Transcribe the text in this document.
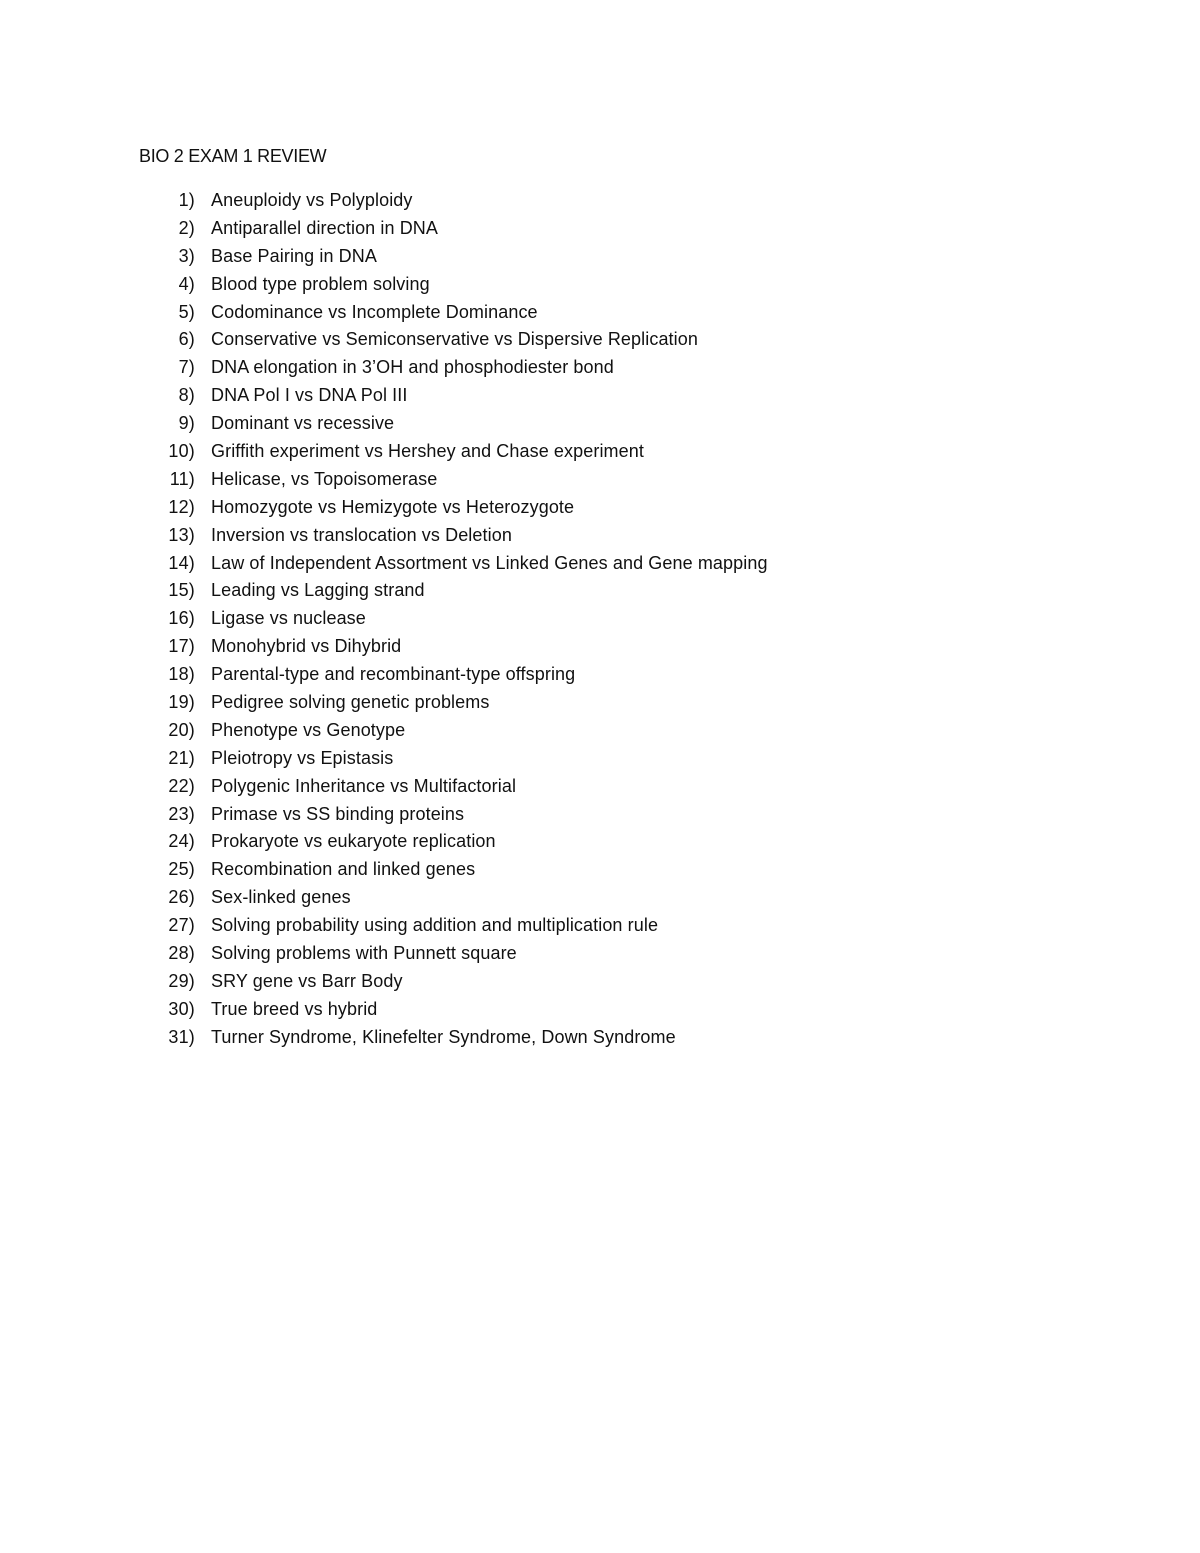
BIO 2 EXAM 1 REVIEW
1) Aneuploidy vs Polyploidy
2) Antiparallel direction in DNA
3) Base Pairing in DNA
4) Blood type problem solving
5) Codominance vs Incomplete Dominance
6) Conservative vs Semiconservative vs Dispersive Replication
7) DNA elongation in 3’OH and phosphodiester bond
8) DNA Pol I vs DNA Pol III
9) Dominant vs recessive
10) Griffith experiment vs Hershey and Chase experiment
11) Helicase, vs Topoisomerase
12) Homozygote vs Hemizygote vs Heterozygote
13) Inversion vs translocation vs Deletion
14) Law of Independent Assortment vs Linked Genes and Gene mapping
15) Leading vs Lagging strand
16) Ligase vs nuclease
17) Monohybrid vs Dihybrid
18) Parental-type and recombinant-type offspring
19) Pedigree solving genetic problems
20) Phenotype vs Genotype
21) Pleiotropy vs Epistasis
22) Polygenic Inheritance vs Multifactorial
23) Primase vs SS binding proteins
24) Prokaryote vs eukaryote replication
25) Recombination and linked genes
26) Sex-linked genes
27) Solving probability using addition and multiplication rule
28) Solving problems with Punnett square
29) SRY gene vs Barr Body
30) True breed vs hybrid
31) Turner Syndrome, Klinefelter Syndrome, Down Syndrome
